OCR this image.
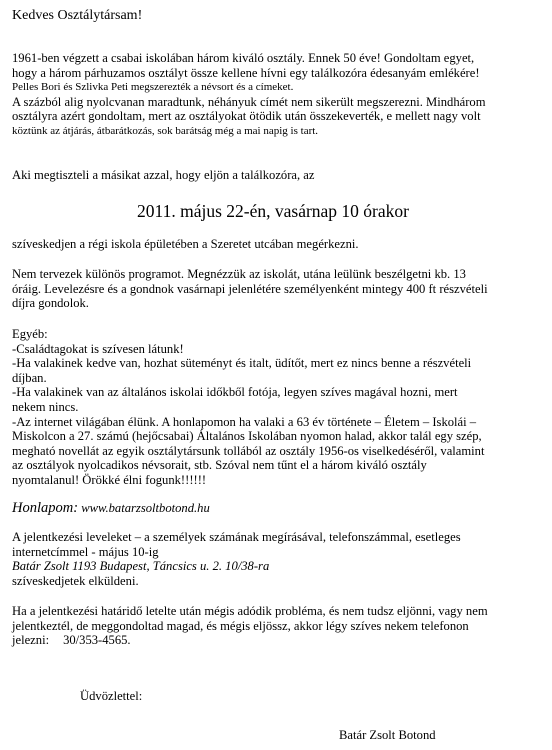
Kedves Osztálytársam!

1961-ben végzett a csabai iskolában három kiváló osztály. Ennek 50 éve! Gondoltam egyet,

hogy a három párhuzamos osztályt össze kellene hívni egy találkozóra édesanyám emlékére!

Pelles Bori és Szlivka Peti megszerezték a névsort és a címeket.

A százból alig nyolcvanan maradtunk, néhányuk címét nem sikerült megszerezni. Mindhárom

osztályra azért gondoltam, mert az osztályokat ötödik után összekeverték, e mellett nagy volt

köztünk az átjárás, átbarátkozás, sok barátság még a mai napig is tart.

Aki megtiszteli a másikat azzal, hogy eljön a találkozóra, az
2011. május 22-én, vasárnap 10 órakor
szíveskedjen a régi iskola épületében a Szeretet utcában megérkezni.

Nem tervezek különös programot. Megnézzük az iskolát, utána leülünk beszélgetni kb. 13

óráig. Levelezésre és a gondnok vasárnapi jelenlétére személyenként mintegy 400 ft részvételi

díjra gondolok.

Egyéb:

-Családtagokat is szívesen látunk!

-Ha valakinek kedve van, hozhat süteményt és italt, üdítőt, mert ez nincs benne a részvételi

díjban.

-Ha valakinek van az általános iskolai időkből fotója, legyen szíves magával hozni, mert

nekem nincs.

-Az internet világában élünk. A honlapomon ha valaki a 63 év története – Életem – Iskolái –

Miskolcon a 27. számú (hejőcsabai) Általános Iskolában nyomon halad, akkor talál egy szép,

megható novellát az egyik osztálytársunk tollából az osztály 1956-os viselkedéséről, valamint

az osztályok nyolcadikos névsorait, stb. Szóval nem tűnt el a három kiváló osztály

nyomtalanul! Örökké élni fogunk!!!!!!

Honlapom: www.batarzsoltbotond.hu

A jelentkezési leveleket – a személyek számának megírásával, telefonszámmal, esetleges

internetcímmel - május 10-ig

Batár Zsolt 1193 Budapest, Táncsics u. 2. 10/38-ra

szíveskedjetek elküldeni.

Ha a jelentkezési határidő letelte után mégis adódik probléma, és nem tudsz eljönni, vagy nem

jelentkeztél, de meggondoltad magad, és mégis eljössz, akkor légy szíves nekem telefonon

jelezni: 30/353-4565.

Üdvözlettel:
Batár Zsolt Botond
